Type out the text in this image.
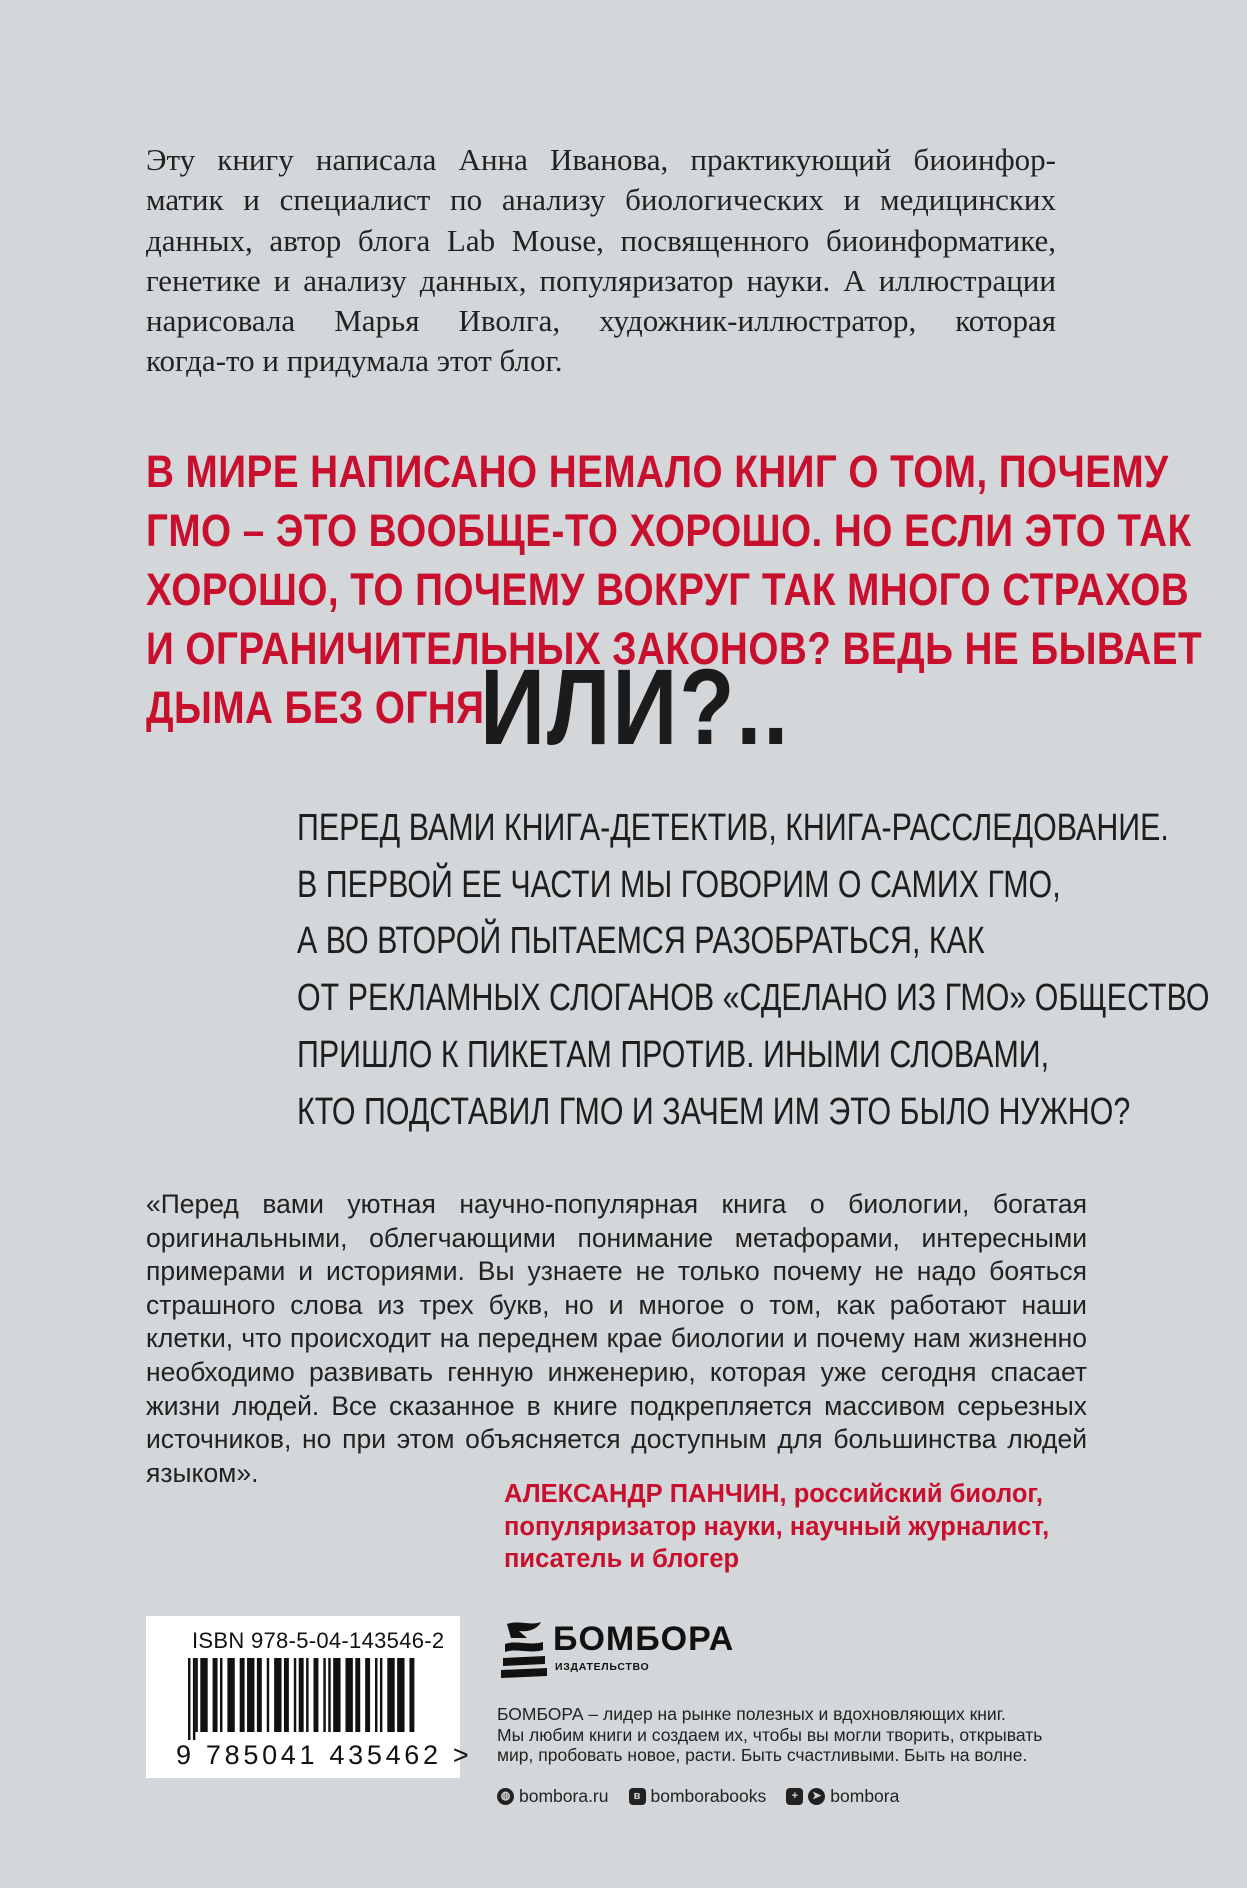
Эту книгу написала Анна Иванова, практикующий биоинфор-
матик и специалист по анализу биологических и медицинских
данных, автор блога Lab Mouse, посвященного биоинформатике,
генетике и анализу данных, популяризатор науки. А иллюстрации
нарисовала Марья Иволга, художник-иллюстратор, которая
когда-то и придумала этот блог.
В МИРЕ НАПИСАНО НЕМАЛО КНИГ О ТОМ, ПОЧЕМУ
ГМО – ЭТО ВООБЩЕ-ТО ХОРОШО. НО ЕСЛИ ЭТО ТАК
ХОРОШО, ТО ПОЧЕМУ ВОКРУГ ТАК МНОГО СТРАХОВ
И ОГРАНИЧИТЕЛЬНЫХ ЗАКОНОВ? ВЕДЬ НЕ БЫВАЕТ
ДЫМА БЕЗ ОГНЯ.
ИЛИ?..
ПЕРЕД ВАМИ КНИГА-ДЕТЕКТИВ, КНИГА-РАССЛЕДОВАНИЕ.
В ПЕРВОЙ ЕЕ ЧАСТИ МЫ ГОВОРИМ О САМИХ ГМО,
А ВО ВТОРОЙ ПЫТАЕМСЯ РАЗОБРАТЬСЯ, КАК
ОТ РЕКЛАМНЫХ СЛОГАНОВ «СДЕЛАНО ИЗ ГМО» ОБЩЕСТВО
ПРИШЛО К ПИКЕТАМ ПРОТИВ. ИНЫМИ СЛОВАМИ,
КТО ПОДСТАВИЛ ГМО И ЗАЧЕМ ИМ ЭТО БЫЛО НУЖНО?
«Перед вами уютная научно-популярная книга о биологии, богатая
оригинальными, облегчающими понимание метафорами, интересными
примерами и историями. Вы узнаете не только почему не надо бояться
страшного слова из трех букв, но и многое о том, как работают наши
клетки, что происходит на переднем крае биологии и почему нам жизненно
необходимо развивать генную инженерию, которая уже сегодня спасает
жизни людей. Все сказанное в книге подкрепляется массивом серьезных
источников, но при этом объясняется доступным для большинства людей
языком».
АЛЕКСАНДР ПАНЧИН, российский биолог,
популяризатор науки, научный журналист,
писатель и блогер
ISBN 978-5-04-143546-2
9 785041 435462 >
БОМБОРА
ИЗДАТЕЛЬСТВО
БОМБОРА – лидер на рынке полезных и вдохновляющих книг.
Мы любим книги и создаем их, чтобы вы могли творить, открывать
мир, пробовать новое, расти. Быть счастливыми. Быть на волне.
◍ bombora.ru	в bomborabooks	+	➤ bombora
